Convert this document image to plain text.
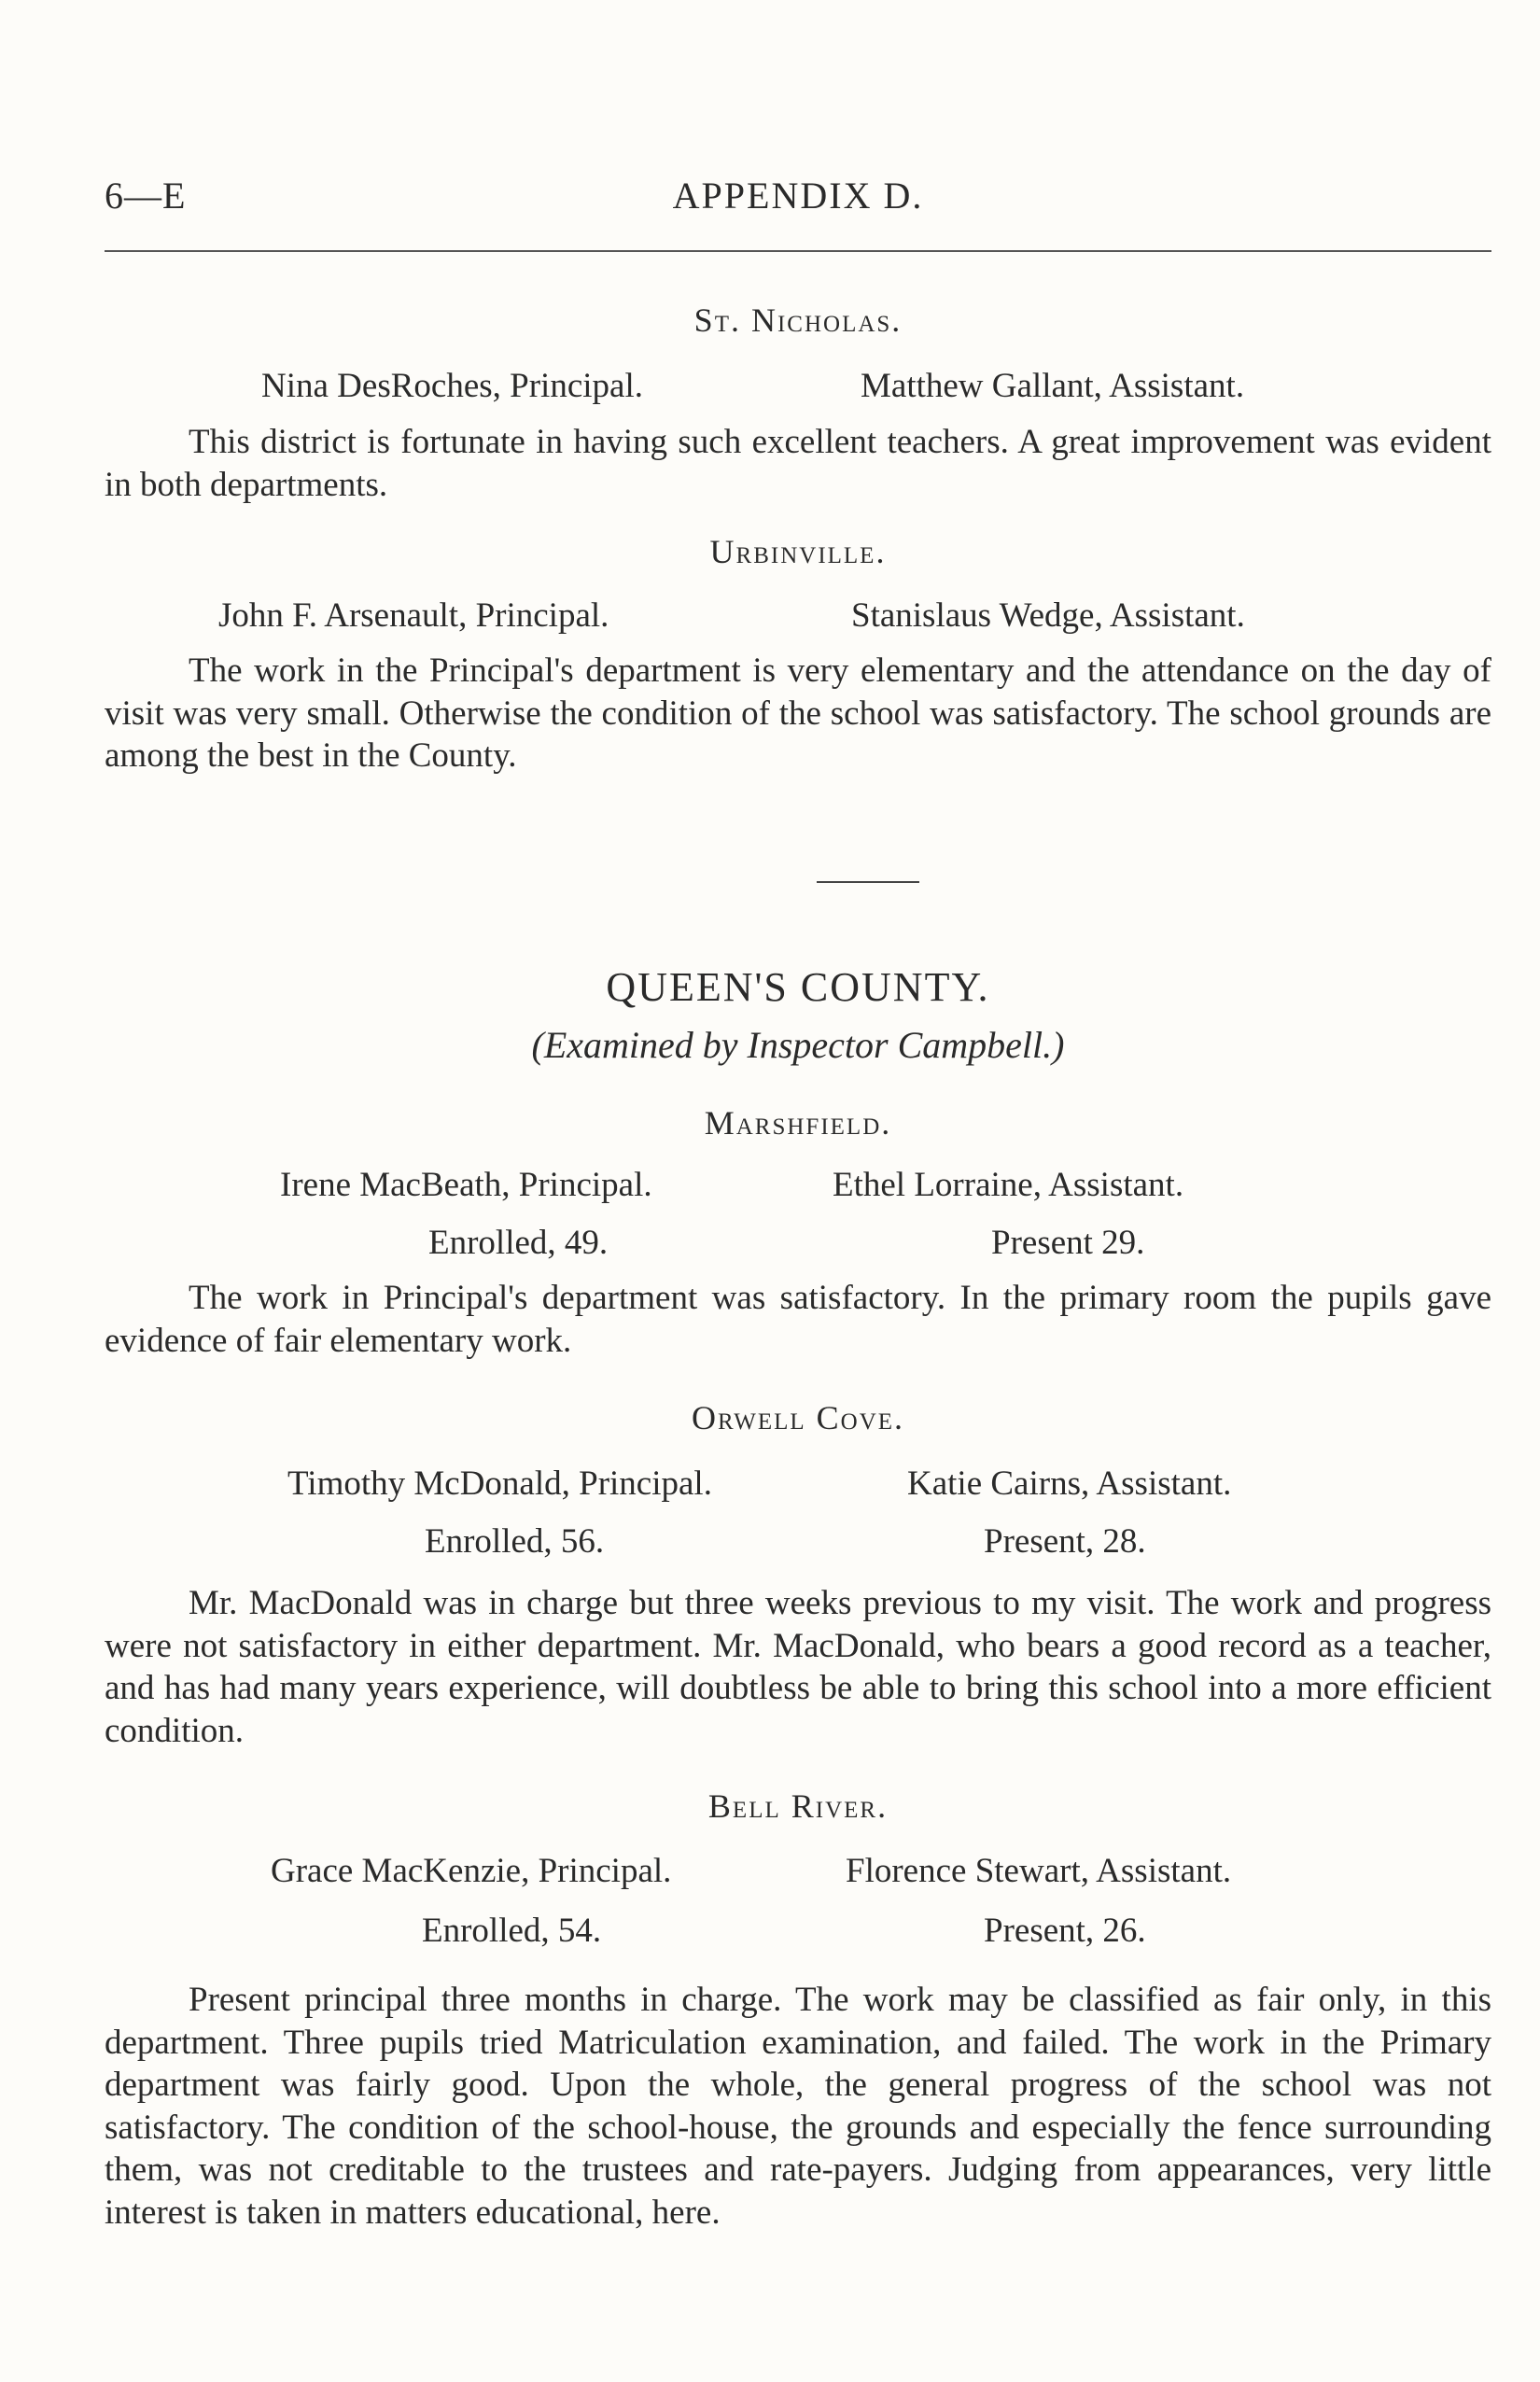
6—E	APPENDIX D.
St. Nicholas.
Nina DesRoches, Principal.	Matthew Gallant, Assistant.
This district is fortunate in having such excellent teachers. A great improvement was evident in both departments.
Urbinville.
John F. Arsenault, Principal.	Stanislaus Wedge, Assistant.
The work in the Principal's department is very elementary and the attendance on the day of visit was very small. Otherwise the condition of the school was satisfactory. The school grounds are among the best in the County.
QUEEN'S COUNTY.
(Examined by Inspector Campbell.)
Marshfield.
Irene MacBeath, Principal.	Ethel Lorraine, Assistant.
Enrolled, 49.	Present 29.
The work in Principal's department was satisfactory. In the primary room the pupils gave evidence of fair elementary work.
Orwell Cove.
Timothy McDonald, Principal.	Katie Cairns, Assistant.
Enrolled, 56.	Present, 28.
Mr. MacDonald was in charge but three weeks previous to my visit. The work and progress were not satisfactory in either department. Mr. MacDonald, who bears a good record as a teacher, and has had many years experience, will doubtless be able to bring this school into a more efficient condition.
Bell River.
Grace MacKenzie, Principal.	Florence Stewart, Assistant.
Enrolled, 54.	Present, 26.
Present principal three months in charge. The work may be classified as fair only, in this department. Three pupils tried Matriculation examination, and failed. The work in the Primary department was fairly good. Upon the whole, the general progress of the school was not satisfactory. The condition of the school-house, the grounds and especially the fence surrounding them, was not creditable to the trustees and rate-payers. Judging from appearances, very little interest is taken in matters educational, here.
